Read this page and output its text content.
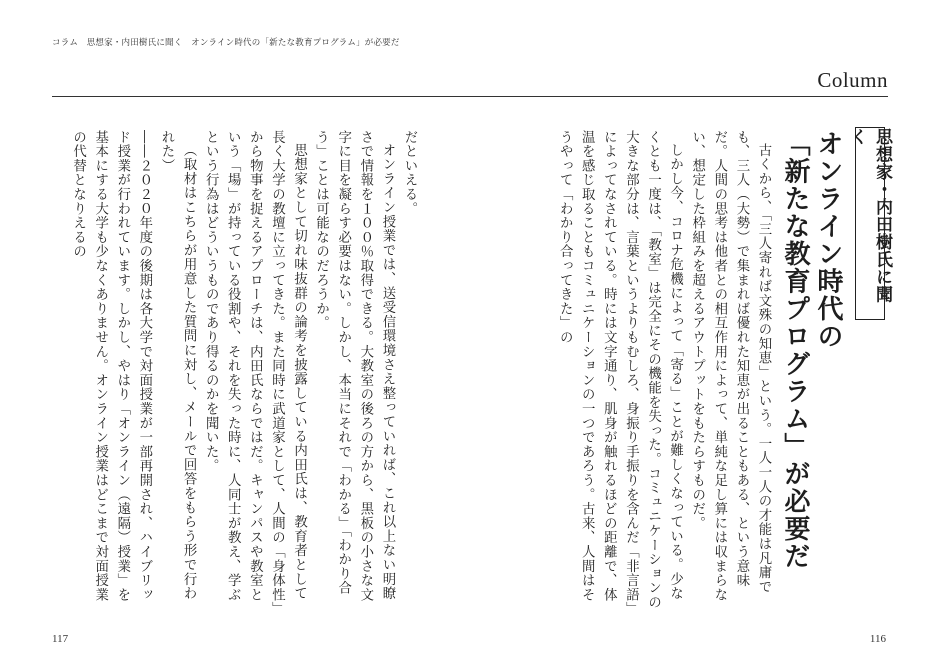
コラム　思想家・内田樹氏に聞く　オンライン時代の「新たな教育プログラム」が必要だ
Column
思想家・内田樹氏に聞く
オンライン時代の
「新たな教育プログラム」が必要だ

古くから、「三人寄れば文殊の知恵」という。一人一人の才能は凡庸でも、三人（大勢）で集まれば優れた知恵が出ることもある、という意味だ。人間の思考は他者との相互作用によって、単純な足し算には収まらない、想定した枠組みを超えるアウトプットをもたらすものだ。

しかし今、コロナ危機によって「寄る」ことが難しくなっている。少なくとも一度は、「教室」は完全にその機能を失った。コミュニケーションの大きな部分は、言葉というよりもむしろ、身振り手振りを含んだ「非言語」によってなされている。時には文字通り、肌身が触れるほどの距離で、体温を感じ取ることもコミュニケーションの一つであろう。古来、人間はそうやって「わかり合ってきた」の

だといえる。

オンライン授業では、送受信環境さえ整っていれば、これ以上ない明瞭さで情報を１００％取得できる。大教室の後ろの方から、黒板の小さな文字に目を凝らす必要はない。しかし、本当にそれで「わかる」「わかり合う」ことは可能なのだろうか。

思想家として切れ味抜群の論考を披露している内田氏は、教育者として長く大学の教壇に立ってきた。また同時に武道家として、人間の「身体性」から物事を捉えるアプローチは、内田氏ならではだ。キャンパスや教室という「場」が持っている役割や、それを失った時に、人同士が教え、学ぶという行為はどういうものであり得るのかを聞いた。

（取材はこちらが用意した質問に対し、メールで回答をもらう形で行われた）

――２０２０年度の後期は各大学で対面授業が一部再開され、ハイブリッド授業が行われています。しかし、やはり「オンライン（遠隔）授業」を基本にする大学も少なくありません。オンライン授業はどこまで対面授業の代替となりえるの

117	116
